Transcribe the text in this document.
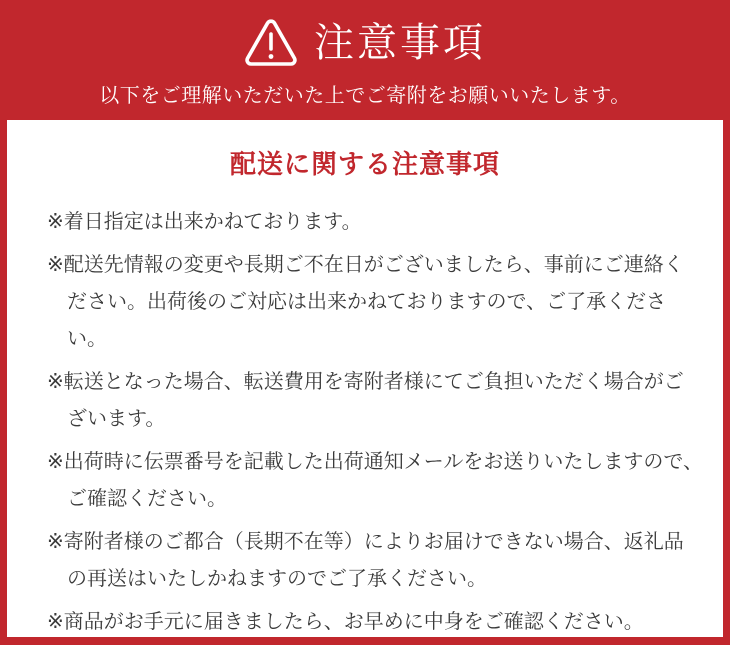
注意事項
以下をご理解いただいた上でご寄附をお願いいたします。
配送に関する注意事項
※着日指定は出来かねております。
※配送先情報の変更や長期ご不在日がございましたら、事前にご連絡ください。出荷後のご対応は出来かねておりますので、ご了承ください。
※転送となった場合、転送費用を寄附者様にてご負担いただく場合がございます。
※出荷時に伝票番号を記載した出荷通知メールをお送りいたしますので、ご確認ください。
※寄附者様のご都合（長期不在等）によりお届けできない場合、返礼品の再送はいたしかねますのでご了承ください。
※商品がお手元に届きましたら、お早めに中身をご確認ください。
